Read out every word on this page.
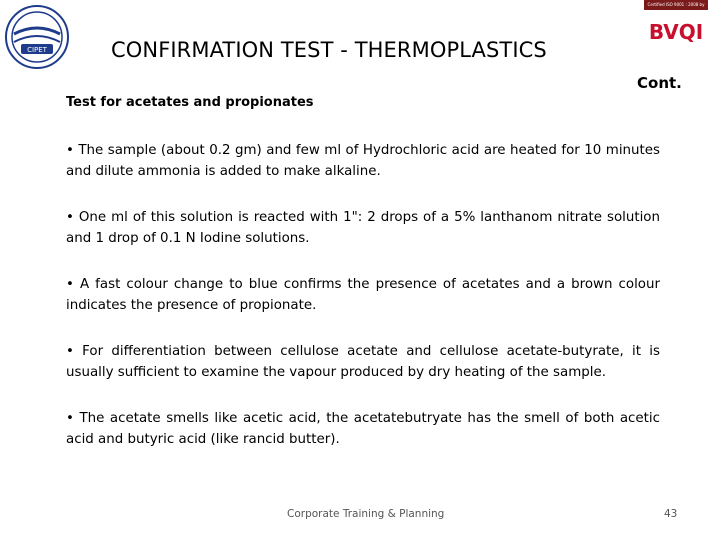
CIPET
Certified ISO 9001 : 2008 by
BVQI
CONFIRMATION TEST - THERMOPLASTICS
Cont.
Test for acetates and propionates
• The sample (about 0.2 gm) and few ml of Hydrochloric acid are heated for 10 minutes and dilute ammonia is added to make alkaline.
• One ml of this solution is reacted with 1": 2 drops of a 5% lanthanom nitrate solution and 1 drop of 0.1 N Iodine solutions.
• A fast colour change to blue confirms the presence of acetates and a brown colour indicates the presence of propionate.
• For differentiation between cellulose acetate and cellulose acetate-butyrate, it is usually sufficient to examine the vapour produced by dry heating of the sample.
• The acetate smells like acetic acid, the acetatebutryate has the smell of both acetic acid and butyric acid (like rancid butter).
Corporate Training & Planning	43
